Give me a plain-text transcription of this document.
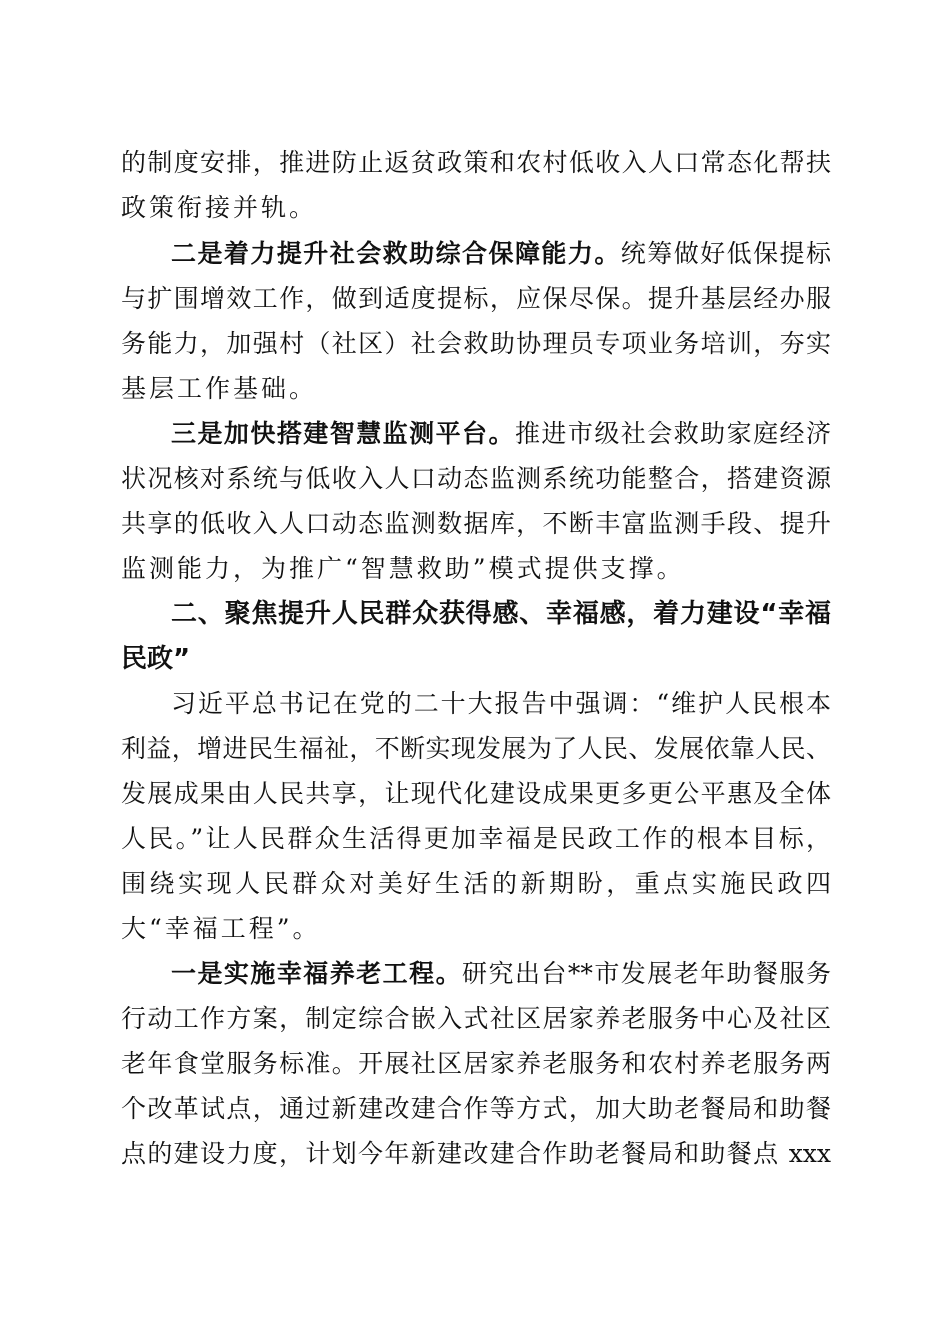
的制度安排，推进防止返贫政策和农村低收入人口常态化帮扶
政策衔接并轨。
二是着力提升社会救助综合保障能力。统筹做好低保提标
与扩围增效工作，做到适度提标，应保尽保。提升基层经办服
务能力，加强村（社区）社会救助协理员专项业务培训，夯实
基层工作基础。
三是加快搭建智慧监测平台。推进市级社会救助家庭经济
状况核对系统与低收入人口动态监测系统功能整合，搭建资源
共享的低收入人口动态监测数据库，不断丰富监测手段、提升
监测能力，为推广“智慧救助”模式提供支撑。
二、聚焦提升人民群众获得感、幸福感，着力建设“幸福
民政”
习近平总书记在党的二十大报告中强调：“维护人民根本
利益，增进民生福祉，不断实现发展为了人民、发展依靠人民、
发展成果由人民共享，让现代化建设成果更多更公平惠及全体
人民。”让人民群众生活得更加幸福是民政工作的根本目标，
围绕实现人民群众对美好生活的新期盼，重点实施民政四
大“幸福工程”。
一是实施幸福养老工程。研究出台**市发展老年助餐服务
行动工作方案，制定综合嵌入式社区居家养老服务中心及社区
老年食堂服务标准。开展社区居家养老服务和农村养老服务两
个改革试点，通过新建改建合作等方式，加大助老餐局和助餐
点的建设力度，计划今年新建改建合作助老餐局和助餐点 xxx
